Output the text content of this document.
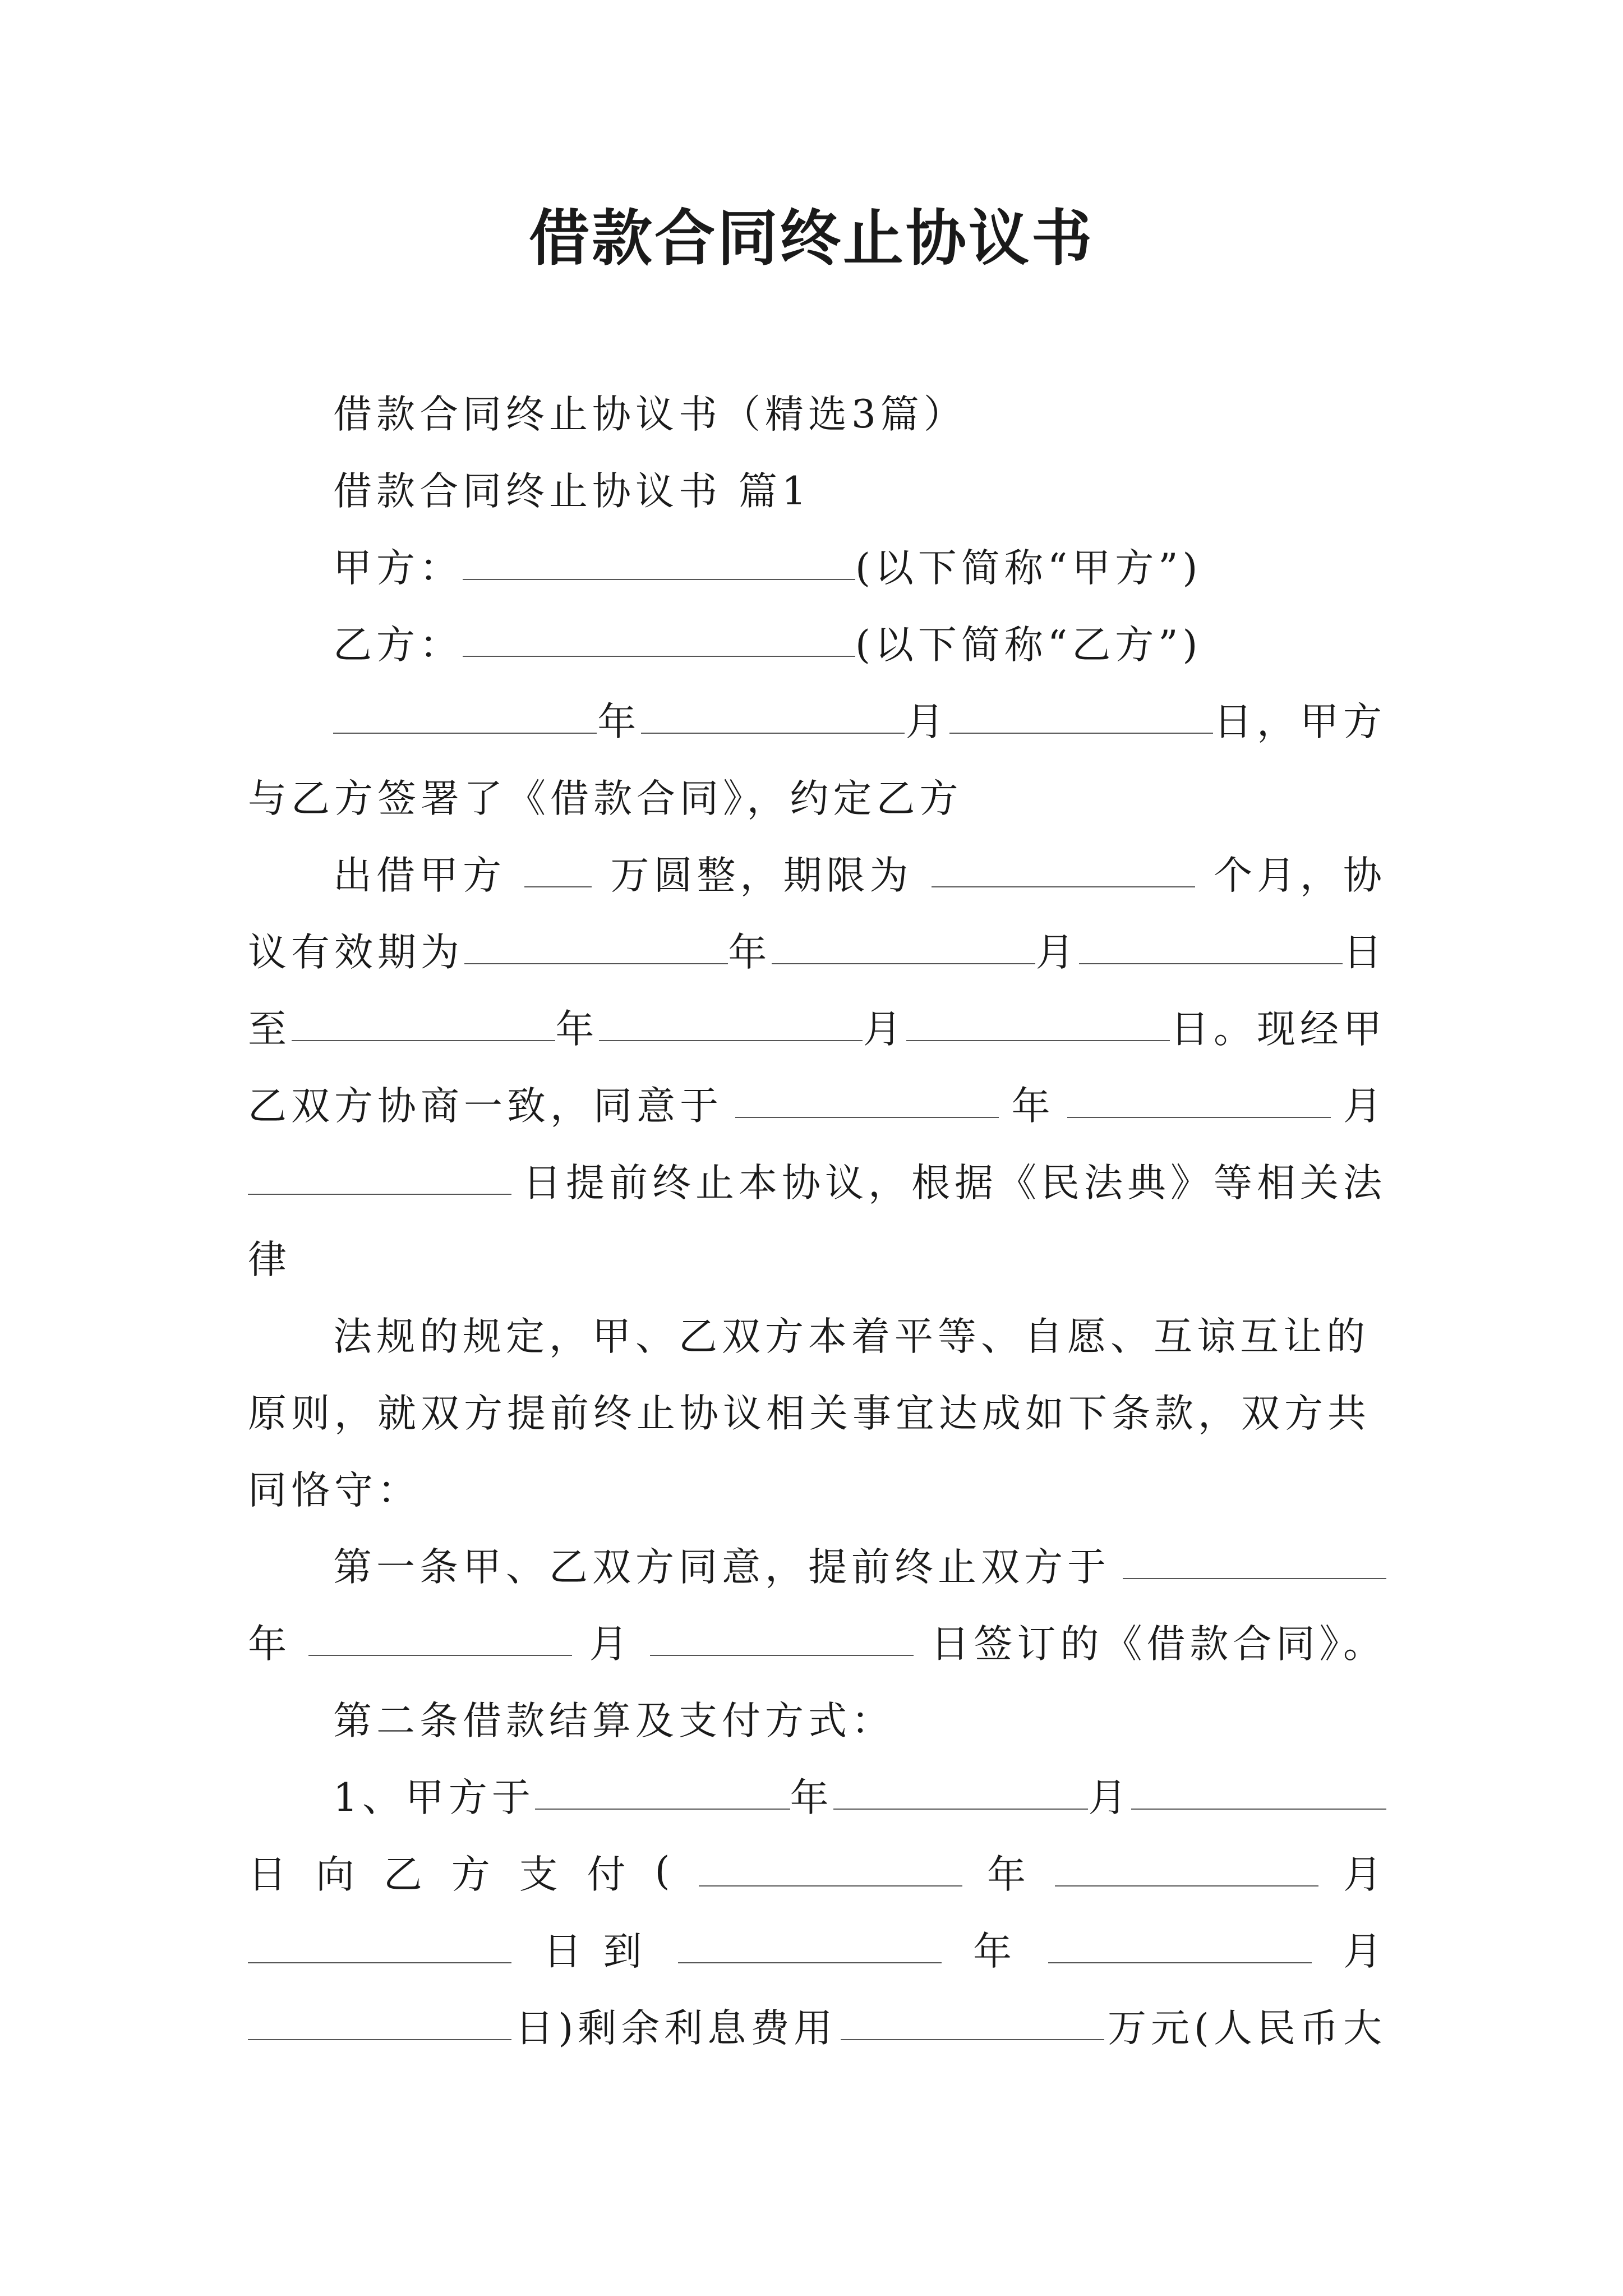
借款合同终止协议书
借款合同终止协议书（精选3篇）
借款合同终止协议书 篇1
甲方：	(以下简称“甲方”)
乙方：	(以下简称“乙方”)
年	月	日，甲方
与乙方签署了《借款合同》，约定乙方
出借甲方	万圆整，期限为	个月，协
议有效期为	年	月	日
至	年	月	日。现经甲
乙双方协商一致，同意于	年	月
日提前终止本协议，根据《民法典》等相关法
律
法规的规定，甲、乙双方本着平等、自愿、互谅互让的
原则，就双方提前终止协议相关事宜达成如下条款，双方共
同恪守：
第一条甲、乙双方同意，提前终止双方于
年	月	日签订的《借款合同》。
第二条借款结算及支付方式：
1、甲方于	年	月
日 向 乙 方 支 付 (	年	月
日 到	年	月
日)剩余利息费用	万元(人民币大
